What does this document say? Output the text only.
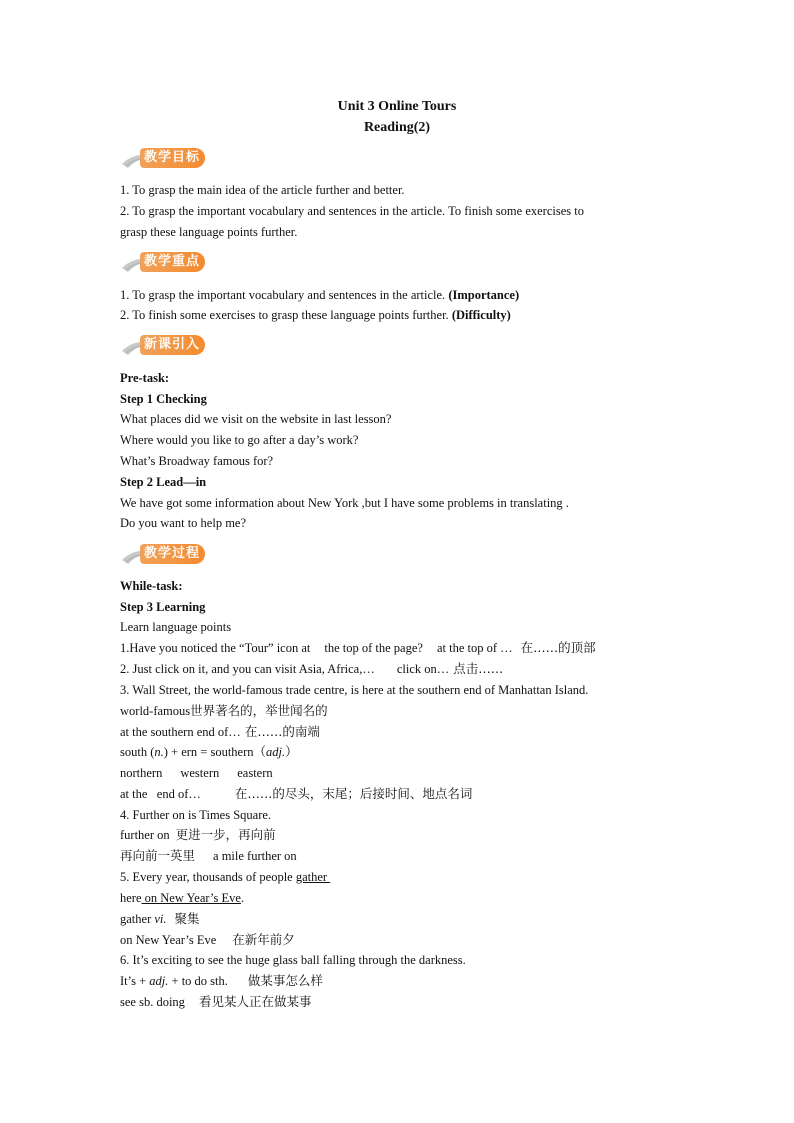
Unit 3 Online Tours
Reading(2)
教学目标
1. To grasp the main idea of the article further and better.
2. To grasp the important vocabulary and sentences in the article. To finish some exercises to
grasp these language points further.
教学重点
1. To grasp the important vocabulary and sentences in the article. (Importance)
2. To finish some exercises to grasp these language points further. (Difficulty)
新课引入
Pre-task:
Step 1 Checking
What places did we visit on the website in last lesson?
Where would you like to go after a day’s work?
What’s Broadway famous for?
Step 2 Lead—in
We have got some information about New York ,but I have some problems in translating .
Do you want to help me?
教学过程
While-task:
Step 3 Learning
Learn language points
1.Have you noticed the “Tour” icon at the top of the page? at the top of … 在……的顶部
2. Just click on it, and you can visit Asia, Africa,… click on… 点击……
3. Wall Street, the world-famous trade centre, is here at the southern end of Manhattan Island.
world-famous世界著名的，举世闻名的
at the southern end of… 在……的南端
south (n.) + ern = southern（adj.）
northern western eastern
at the   end of…	在……的尽头，末尾；后接时间、地点名词
4. Further on is Times Square.
further on 更进一步，再向前
再向前一英里 a mile further on
5. Every year, thousands of people gather
here on New Year’s Eve.
gather vi. 聚集
on New Year’s Eve 在新年前夕
6. It’s exciting to see the huge glass ball falling through the darkness.
It’s + adj. + to do sth. 做某事怎么样
see sb. doing 看见某人正在做某事
